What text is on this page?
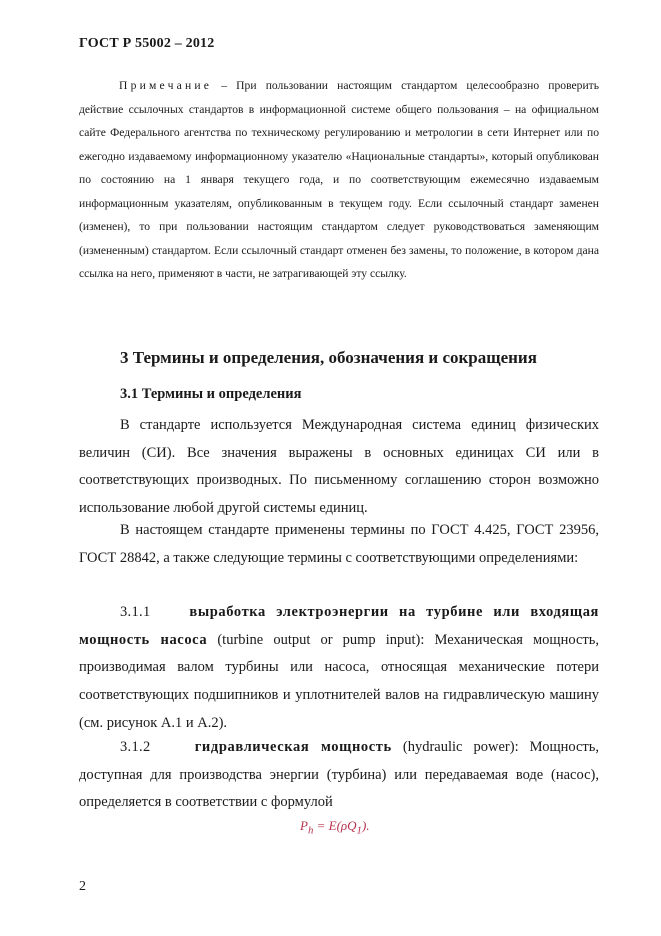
ГОСТ Р 55002 – 2012
Примечание – При пользовании настоящим стандартом целесообразно проверить действие ссылочных стандартов в информационной системе общего пользования – на официальном сайте Федерального агентства по техническому регулированию и метрологии в сети Интернет или по ежегодно издаваемому информационному указателю «Национальные стандарты», который опубликован по состоянию на 1 января текущего года, и по соответствующим ежемесячно издаваемым информационным указателям, опубликованным в текущем году. Если ссылочный стандарт заменен (изменен), то при пользовании настоящим стандартом следует руководствоваться заменяющим (измененным) стандартом. Если ссылочный стандарт отменен без замены, то положение, в котором дана ссылка на него, применяют в части, не затрагивающей эту ссылку.
3 Термины и определения, обозначения и сокращения
3.1 Термины и определения
В стандарте используется Международная система единиц физических величин (СИ). Все значения выражены в основных единицах СИ или в соответствующих производных. По письменному соглашению сторон возможно использование любой другой системы единиц.
В настоящем стандарте применены термины по ГОСТ 4.425, ГОСТ 23956, ГОСТ 28842, а также следующие термины с соответствующими определениями:
3.1.1	выработка электроэнергии на турбине или входящая мощность насоса (turbine output or pump input): Механическая мощность, производимая валом турбины или насоса, относящая механические потери соответствующих подшипников и уплотнителей валов на гидравлическую машину (см. рисунок А.1 и А.2).
3.1.2	гидравлическая мощность (hydraulic power): Мощность, доступная для производства энергии (турбина) или передаваемая воде (насос), определяется в соответствии с формулой
$P_h = E(\rho Q_1)$.
2
